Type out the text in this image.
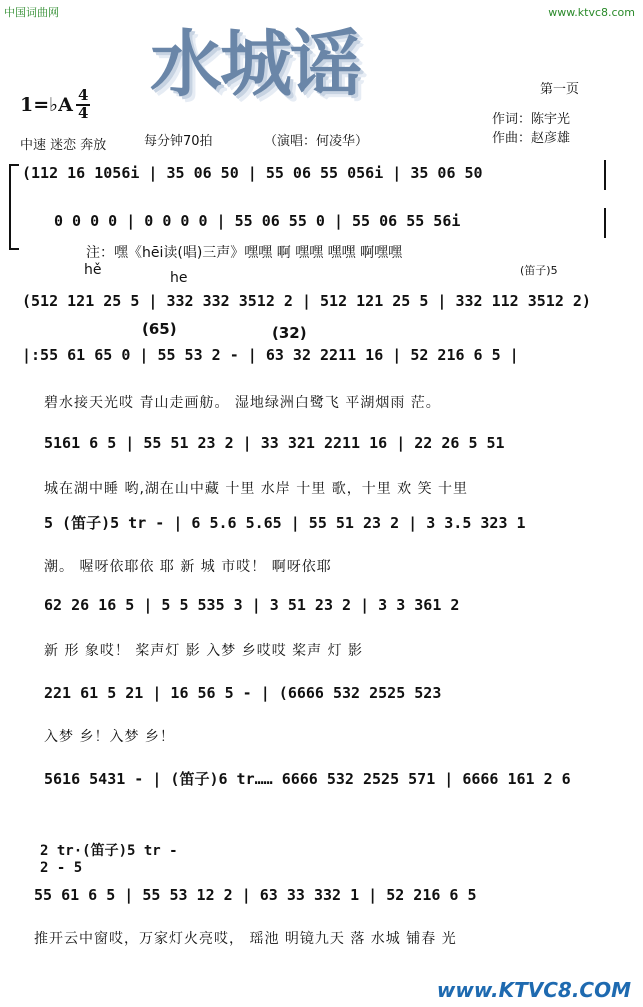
中国词曲网	www.ktvc8.com
水城谣	第一页
1=♭A 4
4	作词：陈宇光
作曲：赵彦雄
中速 迷恋 奔放	每分钟70拍	（演唱：何凌华）
(112 16 1056i | 35 06 50 | 55 06 55 056i | 35 06 50
0 0 0 0 | 0 0 0 0 | 55 06 55 0 | 55 06 55 56i
注：嘿《hēi读(唱)三声》嘿嘿 啊 嘿嘿 嘿嘿 啊嘿嘿
hě	he	(笛子)5
(512 121 25 5 | 332 332 3512 2 | 512 121 25 5 | 332 112 3512 2)
(65)	(32)
|:55 61 65 0 | 55 53 2 - | 63 32 2211 16 | 52 216 6 5 |
碧水接天光哎 青山走画舫。 湿地绿洲白鹭飞 平湖烟雨 茫。
5161 6 5 | 55 51 23 2 | 33 321 2211 16 | 22 26 5 51
城在湖中睡 哟,湖在山中藏 十里 水岸 十里 歌，十里 欢 笑 十里
5 (笛子)5 tr - | 6 5.6 5.65 | 55 51 23 2 | 3 3.5 323 1
潮。 喔呀依耶依 耶 新 城 市哎！ 啊呀依耶
62 26 16 5 | 5 5 535 3 | 3 51 23 2 | 3 3 361 2
新 形 象哎！ 桨声灯 影 入梦 乡哎哎 桨声 灯 影
221 61 5 21 | 16 56 5 - | (6666 532 2525 523
入梦 乡！入梦 乡！
5616 5431 - | (笛子)6 tr…… 6666 532 2525 571 | 6666 161 2 6
2 tr·(笛子)5 tr -
2 - 5
55 61 6 5 | 55 53 12 2 | 63 33 332 1 | 52 216 6 5
推开云中窗哎，万家灯火亮哎， 瑶池 明镜九天 落 水城 铺春 光
www.KTVC8.COM
